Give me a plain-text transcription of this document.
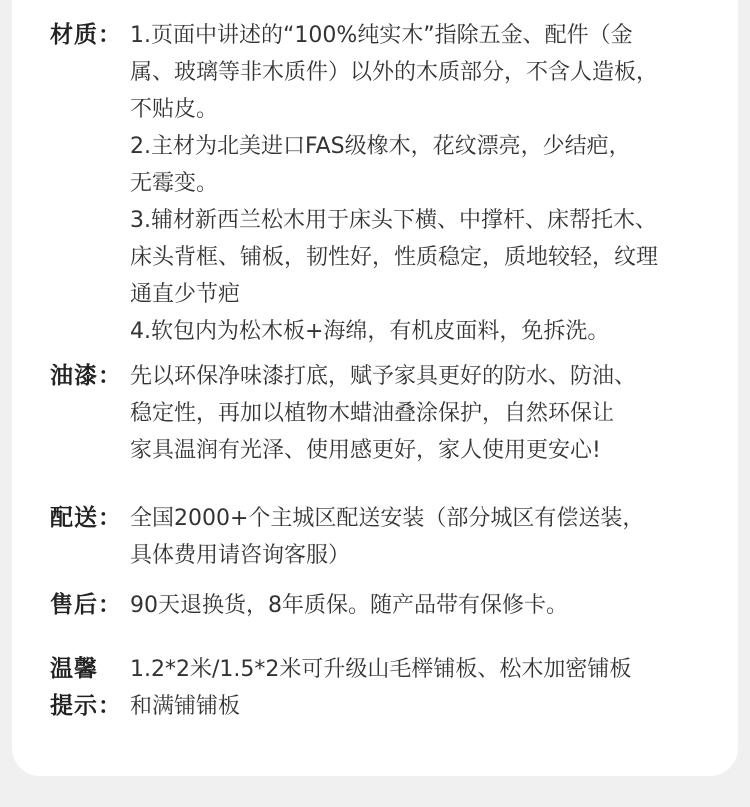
材质： 1.页面中讲述的“100%纯实木”指除五金、配件（金
属、玻璃等非木质件）以外的木质部分，不含人造板，
不贴皮。
2.主材为北美进口FAS级橡木，花纹漂亮，少结疤，
无霉变。
3.辅材新西兰松木用于床头下横、中撑杆、床帮托木、
床头背框、铺板，韧性好，性质稳定，质地较轻，纹理
通直少节疤
4.软包内为松木板+海绵，有机皮面料，免拆洗。
油漆： 先以环保净味漆打底，赋予家具更好的防水、防油、
稳定性，再加以植物木蜡油叠涂保护，自然环保让
家具温润有光泽、使用感更好，家人使用更安心!
配送： 全国2000+个主城区配送安装（部分城区有偿送装，
具体费用请咨询客服）
售后： 90天退换货，8年质保。随产品带有保修卡。
温馨
提示：
1.2*2米/1.5*2米可升级山毛榉铺板、松木加密铺板
和满铺铺板
